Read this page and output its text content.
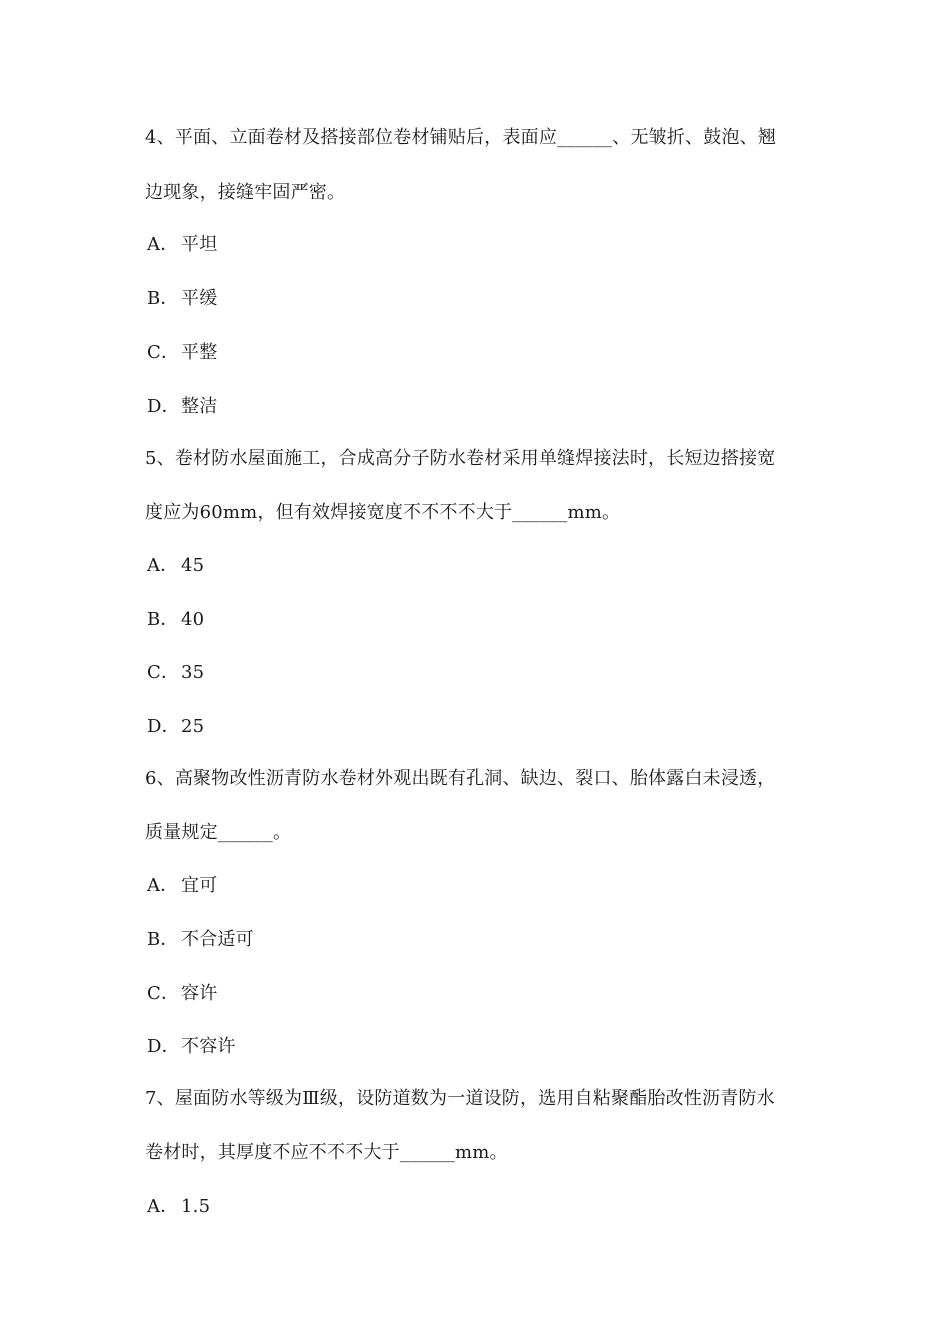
4、平面、立面卷材及搭接部位卷材铺贴后，表面应______、无皱折、鼓泡、翘
边现象，接缝牢固严密。
A． 平坦
B． 平缓
C． 平整
D．整洁
5、卷材防水屋面施工，合成高分子防水卷材采用单缝焊接法时，长短边搭接宽
度应为60mm，但有效焊接宽度不不不不大于______mm。
A． 45
B． 40
C． 35
D．25
6、高聚物改性沥青防水卷材外观出既有孔洞、缺边、裂口、胎体露白未浸透，
质量规定______。
A． 宜可
B． 不合适可
C． 容许
D．不容许
7、屋面防水等级为Ⅲ级，设防道数为一道设防，选用自粘聚酯胎改性沥青防水
卷材时，其厚度不应不不不大于______mm。
A． 1.5
